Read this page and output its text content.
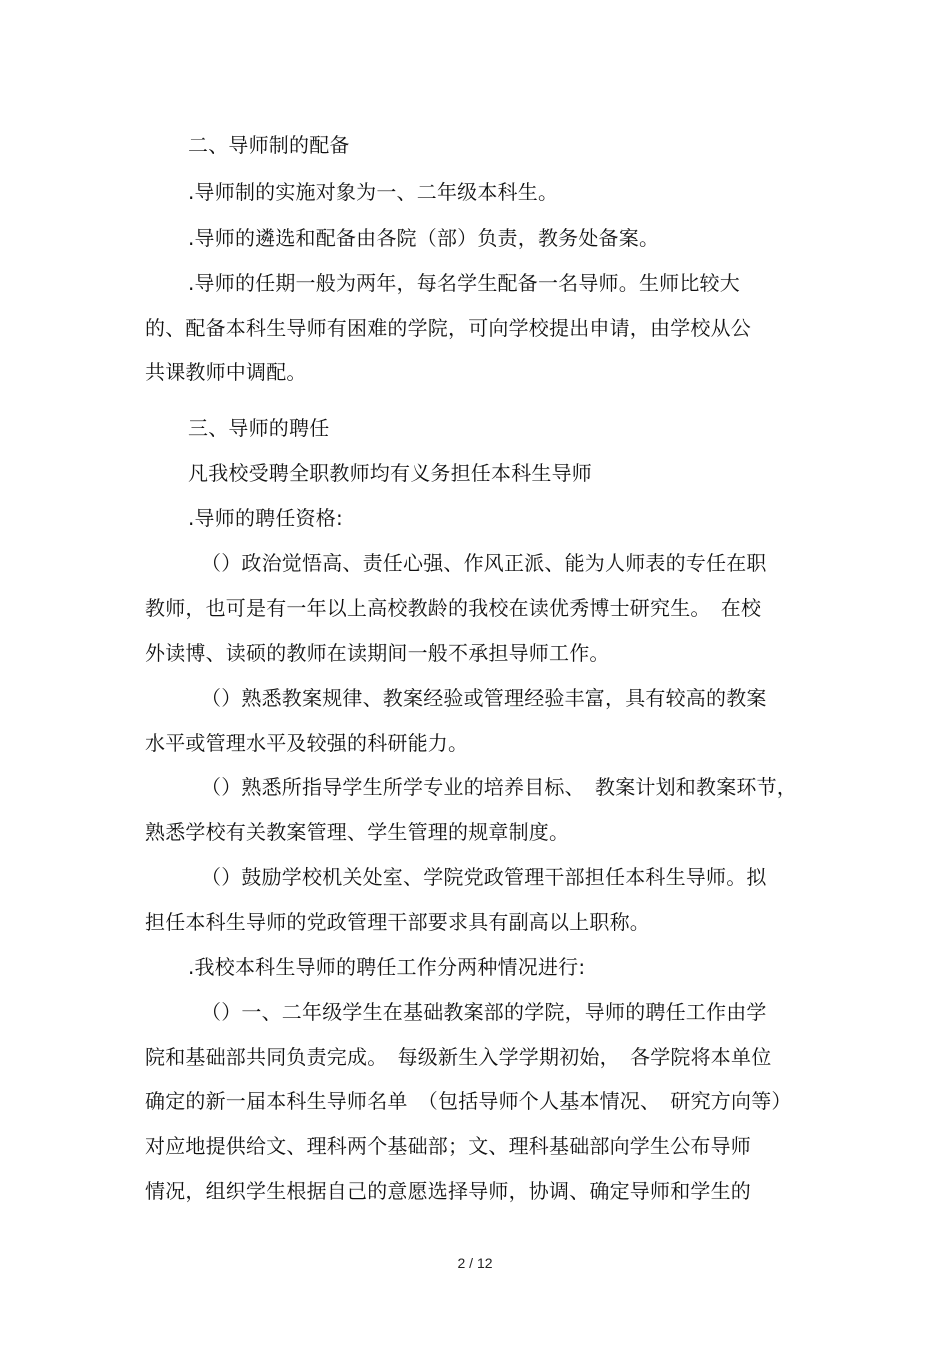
二、导师制的配备
.导师制的实施对象为一、二年级本科生。
.导师的遴选和配备由各院（部）负责，教务处备案。
.导师的任期一般为两年，每名学生配备一名导师。生师比较大
的、配备本科生导师有困难的学院，可向学校提出申请，由学校从公
共课教师中调配。
三、导师的聘任
凡我校受聘全职教师均有义务担任本科生导师
.导师的聘任资格:
（）政治觉悟高、责任心强、作风正派、能为人师表的专任在职
教师，也可是有一年以上高校教龄的我校在读优秀博士研究生。　在校
外读博、读硕的教师在读期间一般不承担导师工作。
（）熟悉教案规律、教案经验或管理经验丰富，具有较高的教案
水平或管理水平及较强的科研能力。
（）熟悉所指导学生所学专业的培养目标、　教案计划和教案环节，
熟悉学校有关教案管理、学生管理的规章制度。
（）鼓励学校机关处室、学院党政管理干部担任本科生导师。拟
担任本科生导师的党政管理干部要求具有副高以上职称。
.我校本科生导师的聘任工作分两种情况进行:
（）一、二年级学生在基础教案部的学院，导师的聘任工作由学
院和基础部共同负责完成。　每级新生入学学期初始，　各学院将本单位
确定的新一届本科生导师名单　（包括导师个人基本情况、　研究方向等）
对应地提供给文、理科两个基础部；文、理科基础部向学生公布导师
情况，组织学生根据自己的意愿选择导师，协调、确定导师和学生的
2 / 12
